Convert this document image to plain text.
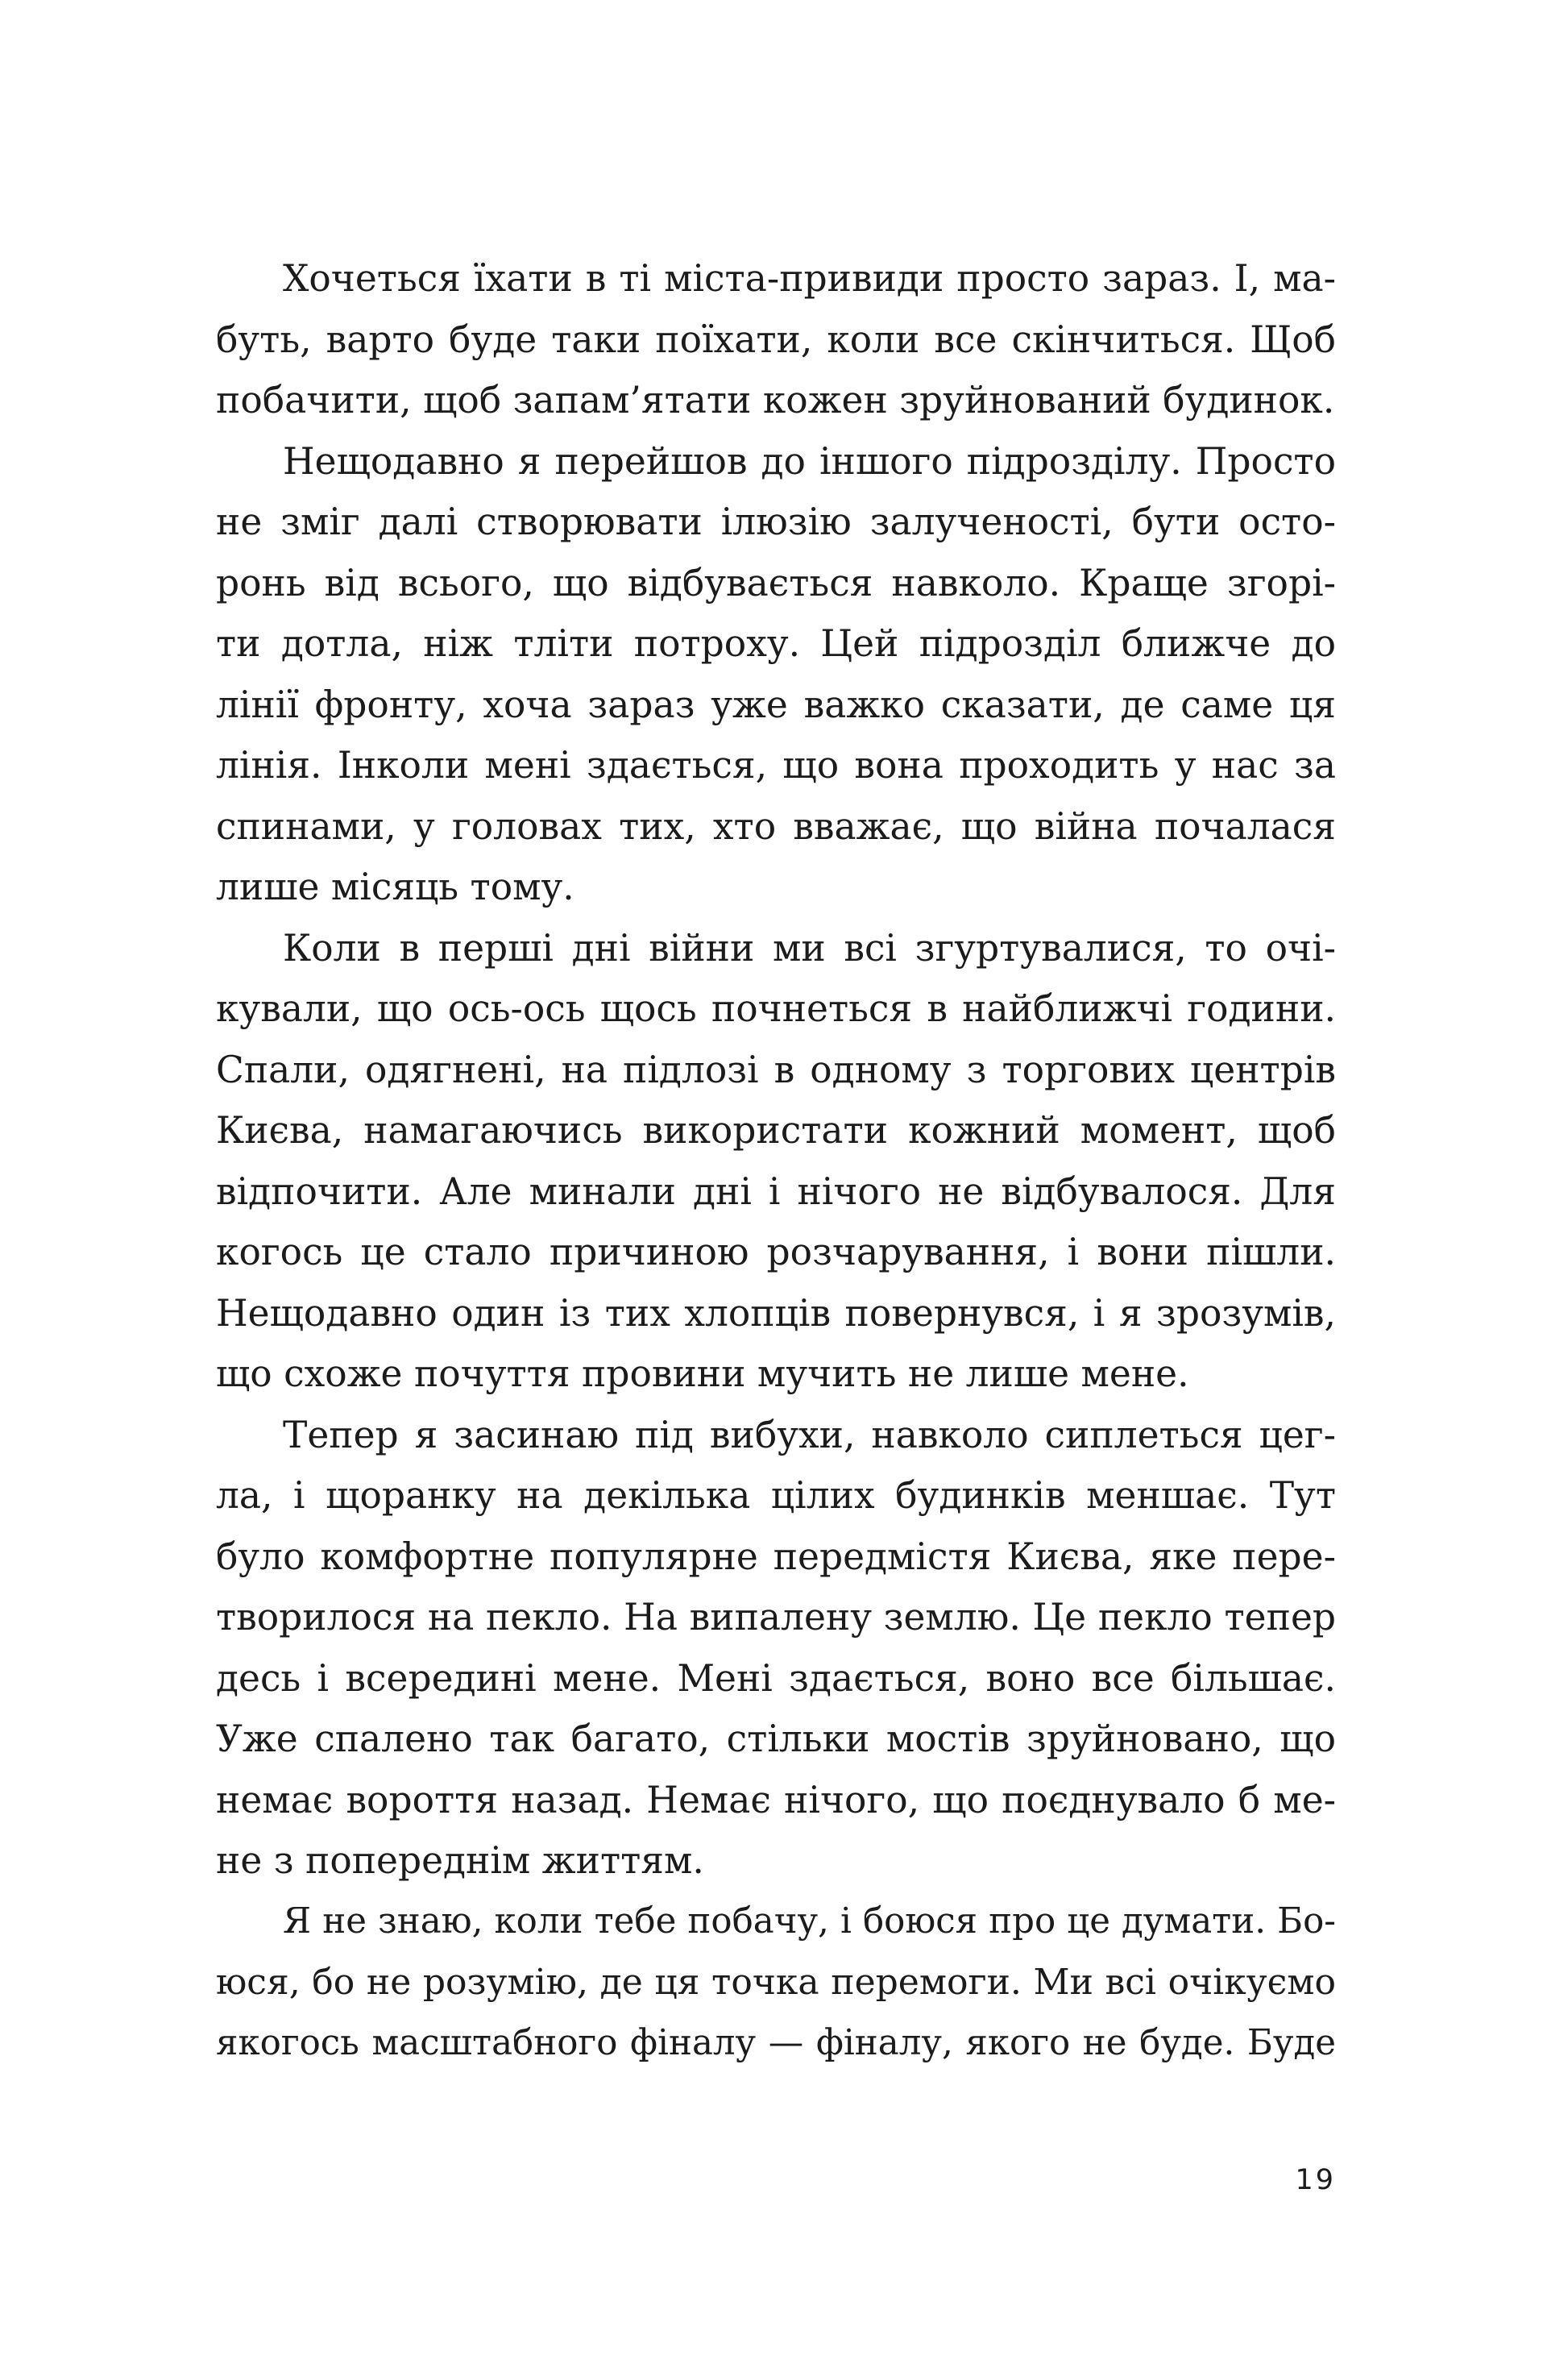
Хочеться їхати в ті міста-привиди просто зараз. І, ма-
буть, варто буде таки поїхати, коли все скінчиться. Щоб
побачити, щоб запам’ятати кожен зруйнований будинок.
Нещодавно я перейшов до іншого підрозділу. Просто
не зміг далі створювати ілюзію залученості, бути осто-
ронь від всього, що відбувається навколо. Краще згорі-
ти дотла, ніж тліти потроху. Цей підрозділ ближче до
лінії фронту, хоча зараз уже важко сказати, де саме ця
лінія. Інколи мені здається, що вона проходить у нас за
спинами, у головах тих, хто вважає, що війна почалася
лише місяць тому.
Коли в перші дні війни ми всі згуртувалися, то очі-
кували, що ось-ось щось почнеться в найближчі години.
Спали, одягнені, на підлозі в одному з торгових центрів
Києва, намагаючись використати кожний момент, щоб
відпочити. Але минали дні і нічого не відбувалося. Для
когось це стало причиною розчарування, і вони пішли.
Нещодавно один із тих хлопців повернувся, і я зрозумів,
що схоже почуття провини мучить не лише мене.
Тепер я засинаю під вибухи, навколо сиплеться цег-
ла, і щоранку на декілька цілих будинків меншає. Тут
було комфортне популярне передмістя Києва, яке пере-
творилося на пекло. На випалену землю. Це пекло тепер
десь і всередині мене. Мені здається, воно все більшає.
Уже спалено так багато, стільки мостів зруйновано, що
немає вороття назад. Немає нічого, що поєднувало б ме-
не з попереднім життям.
Я не знаю, коли тебе побачу, і боюся про це думати. Бо-
юся, бо не розумію, де ця точка перемоги. Ми всі очікуємо
якогось масштабного фіналу — фіналу, якого не буде. Буде
19
